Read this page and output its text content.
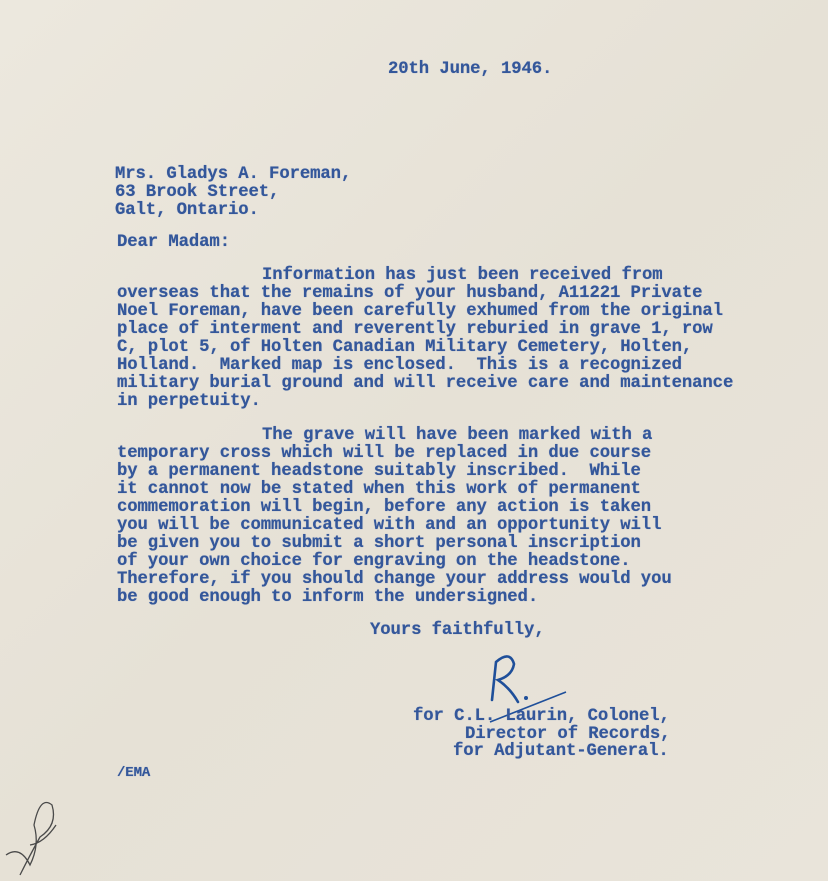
20th June, 1946.
Mrs. Gladys A. Foreman,
63 Brook Street,
Galt, Ontario.
Dear Madam:
Information has just been received from
overseas that the remains of your husband, A11221 Private
Noel Foreman, have been carefully exhumed from the original
place of interment and reverently reburied in grave 1, row
C, plot 5, of Holten Canadian Military Cemetery, Holten,
Holland.  Marked map is enclosed.  This is a recognized
military burial ground and will receive care and maintenance
in perpetuity.
The grave will have been marked with a
temporary cross which will be replaced in due course
by a permanent headstone suitably inscribed.  While
it cannot now be stated when this work of permanent
commemoration will begin, before any action is taken
you will be communicated with and an opportunity will
be given you to submit a short personal inscription
of your own choice for engraving on the headstone.
Therefore, if you should change your address would you
be good enough to inform the undersigned.
Yours faithfully,
for C.L. Laurin, Colonel,
Director of Records,
for Adjutant-General.
/EMA
